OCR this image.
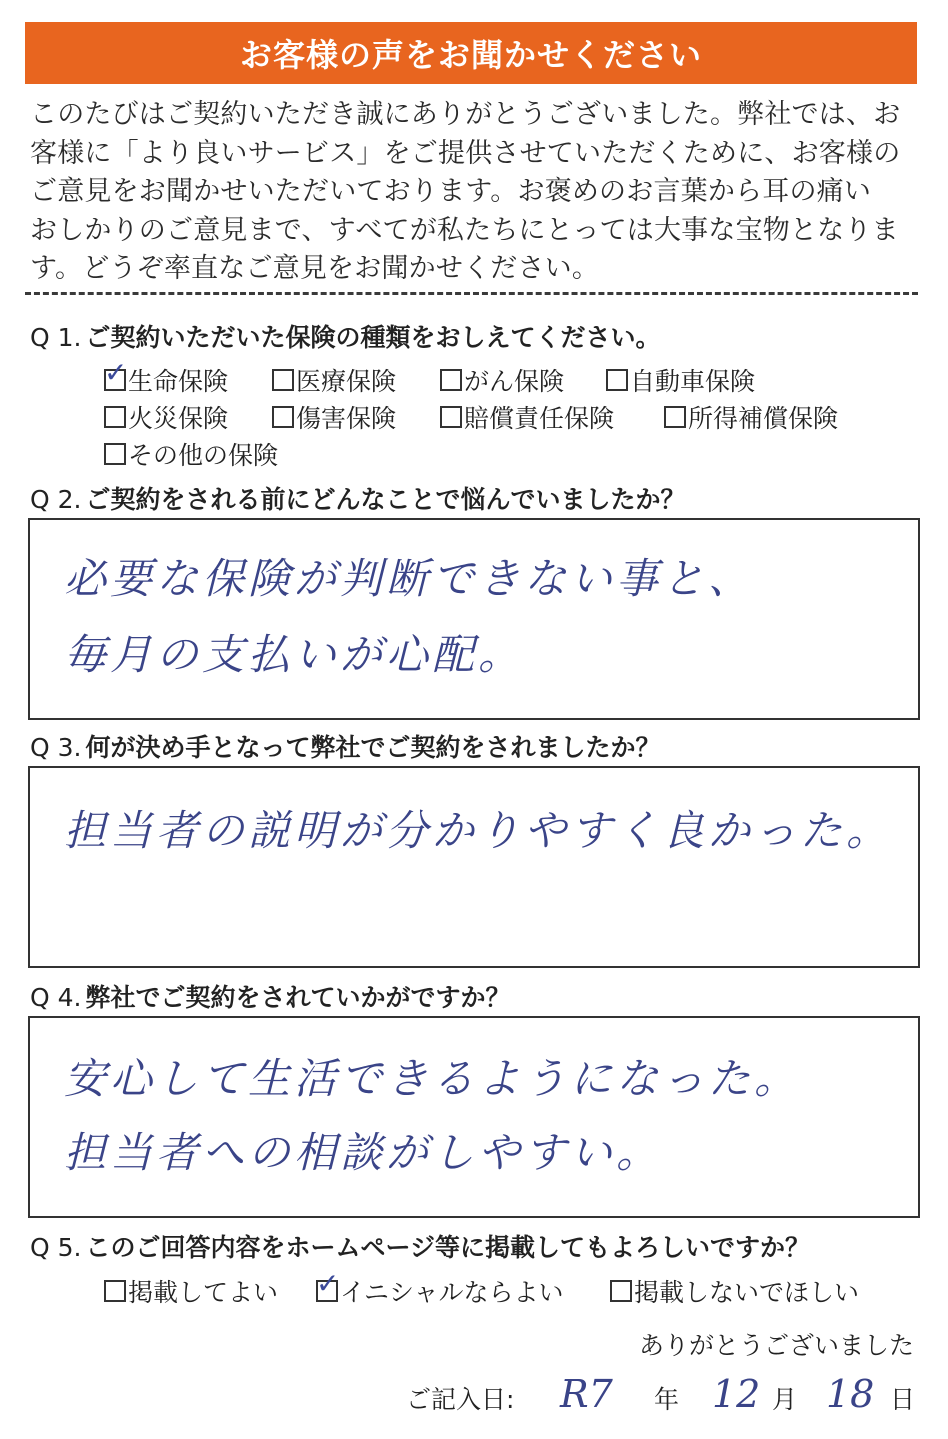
お客様の声をお聞かせください
このたびはご契約いただき誠にありがとうございました。弊社では、お
客様に「より良いサービス」をご提供させていただくために、お客様の
ご意見をお聞かせいただいております。お褒めのお言葉から耳の痛い
おしかりのご意見まで、すべてが私たちにとっては大事な宝物となりま
す。どうぞ率直なご意見をお聞かせください。
Q 1. ご契約いただいた保険の種類をおしえてください。
✓ 生命保険	医療保険	がん保険	自動車保険
火災保険	傷害保険	賠償責任保険	所得補償保険
その他の保険
Q 2. ご契約をされる前にどんなことで悩んでいましたか？
必要な保険が判断できない事と、
毎月の支払いが心配。
Q 3. 何が決め手となって弊社でご契約をされましたか？
担当者の説明が分かりやすく良かった。
Q 4. 弊社でご契約をされていかがですか？
安心して生活できるようになった。
担当者への相談がしやすい。
Q 5. このご回答内容をホームページ等に掲載してもよろしいですか？
掲載してよい ✓ イニシャルならよい	掲載しないでほしい
ありがとうございました
ご記入日: R7 年 12 月 18 日
